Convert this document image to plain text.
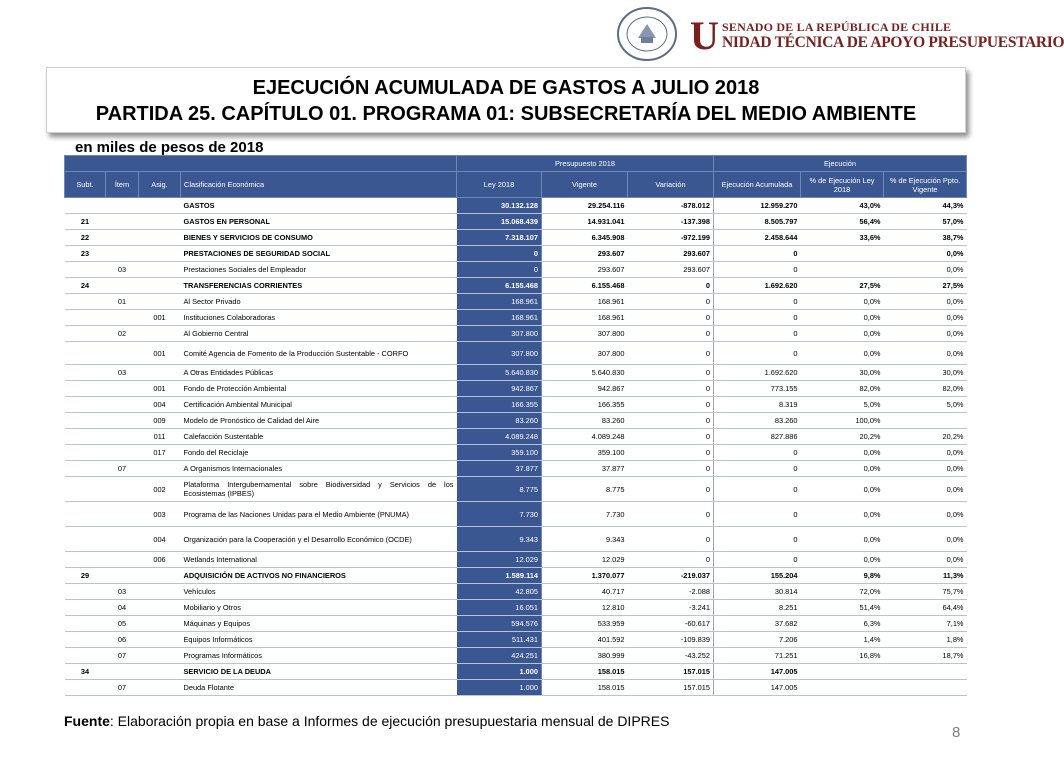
U SENADO DE LA REPÚBLICA DE CHILE
NIDAD TÉCNICA DE APOYO PRESUPUESTARIO
EJECUCIÓN ACUMULADA DE GASTOS A JULIO 2018
PARTIDA 25. CAPÍTULO 01. PROGRAMA 01: SUBSECRETARÍA DEL MEDIO AMBIENTE
en miles de pesos de 2018
				Presupuesto 2018			Ejecución		
Subt.	Ítem	Asig.	Clasificación Económica	Ley 2018	Vigente	Variación	Ejecución Acumulada	% de Ejecución Ley 2018	% de Ejecución Ppto. Vigente
			GASTOS	30.132.128	29.254.116	-878.012	12.959.270	43,0%	44,3%
21			GASTOS EN PERSONAL	15.068.439	14.931.041	-137.398	8.505.797	56,4%	57,0%
22			BIENES Y SERVICIOS DE CONSUMO	7.318.107	6.345.908	-972.199	2.458.644	33,6%	38,7%
23			PRESTACIONES DE SEGURIDAD SOCIAL	0	293.607	293.607	0		0,0%
	03		Prestaciones Sociales del Empleador	0	293.607	293.607	0		0,0%
24			TRANSFERENCIAS CORRIENTES	6.155.468	6.155.468	0	1.692.620	27,5%	27,5%
	01		Al Sector Privado	168.961	168.961	0	0	0,0%	0,0%
		001	Instituciones Colaboradoras	168.961	168.961	0	0	0,0%	0,0%
	02		Al Gobierno Central	307.800	307.800	0	0	0,0%	0,0%
		001	Comité Agencia de Fomento de la Producción Sustentable - CORFO	307.800	307.800	0	0	0,0%	0,0%
	03		A Otras Entidades Públicas	5.640.830	5.640.830	0	1.692.620	30,0%	30,0%
		001	Fondo de Protección Ambiental	942.867	942.867	0	773.155	82,0%	82,0%
		004	Certificación Ambiental Municipal	166.355	166.355	0	8.319	5,0%	5,0%
		009	Modelo de Pronóstico de Calidad del Aire	83.260	83.260	0	83.260	100,0%	
		011	Calefacción Sustentable	4.089.248	4.089.248	0	827.886	20,2%	20,2%
		017	Fondo del Reciclaje	359.100	359.100	0	0	0,0%	0,0%
	07		A Organismos Internacionales	37.877	37.877	0	0	0,0%	0,0%
		002	Plataforma Intergubernamental sobre Biodiversidad y Servicios de los Ecosistemas (IPBES)	8.775	8.775	0	0	0,0%	0,0%
		003	Programa de las Naciones Unidas para el Medio Ambiente (PNUMA)	7.730	7.730	0	0	0,0%	0,0%
		004	Organización para la Cooperación y el Desarrollo Económico (OCDE)	9.343	9.343	0	0	0,0%	0,0%
		006	Wetlands International	12.029	12.029	0	0	0,0%	0,0%
29			ADQUISICIÓN DE ACTIVOS NO FINANCIEROS	1.589.114	1.370.077	-219.037	155.204	9,8%	11,3%
	03		Vehículos	42.805	40.717	-2.088	30.814	72,0%	75,7%
	04		Mobiliario y Otros	16.051	12.810	-3.241	8.251	51,4%	64,4%
	05		Máquinas y Equipos	594.576	533.959	-60.617	37.682	6,3%	7,1%
	06		Equipos Informáticos	511.431	401.592	-109.839	7.206	1,4%	1,8%
	07		Programas Informáticos	424.251	380.999	-43.252	71.251	16,8%	18,7%
34			SERVICIO DE LA DEUDA	1.000	158.015	157.015	147.005		
	07		Deuda Flotante	1.000	158.015	157.015	147.005		
Fuente: Elaboración propia en base a Informes de ejecución presupuestaria mensual de DIPRES
8
